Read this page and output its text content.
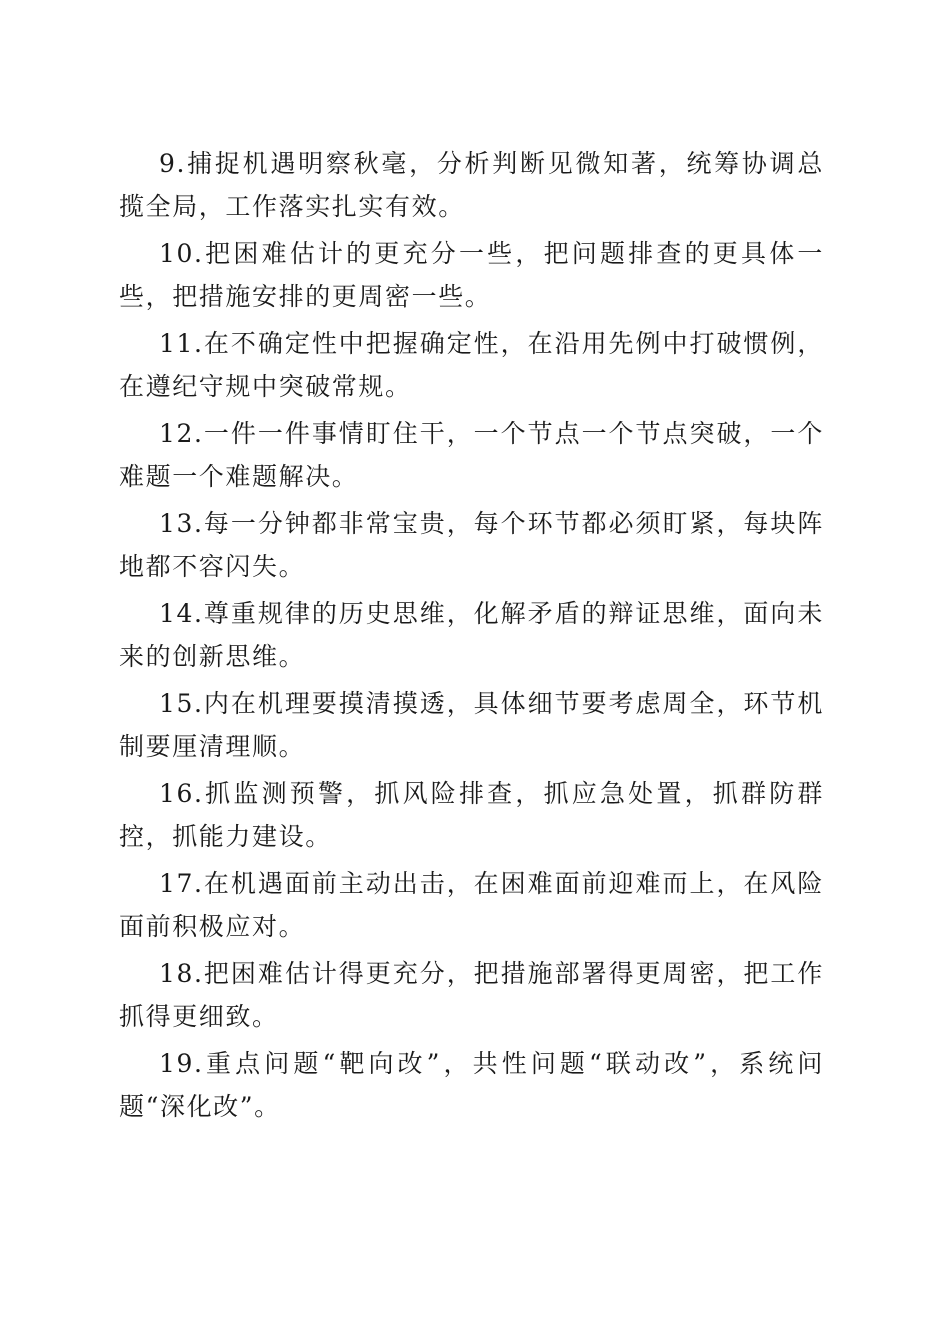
9.捕捉机遇明察秋毫，分析判断见微知著，统筹协调总揽全局，工作落实扎实有效。

10.把困难估计的更充分一些，把问题排查的更具体一些，把措施安排的更周密一些。

11.在不确定性中把握确定性，在沿用先例中打破惯例，在遵纪守规中突破常规。

12.一件一件事情盯住干，一个节点一个节点突破，一个难题一个难题解决。

13.每一分钟都非常宝贵，每个环节都必须盯紧，每块阵地都不容闪失。

14.尊重规律的历史思维，化解矛盾的辩证思维，面向未来的创新思维。

15.内在机理要摸清摸透，具体细节要考虑周全，环节机制要厘清理顺。

16.抓监测预警，抓风险排查，抓应急处置，抓群防群控，抓能力建设。

17.在机遇面前主动出击，在困难面前迎难而上，在风险面前积极应对。

18.把困难估计得更充分，把措施部署得更周密，把工作抓得更细致。

19.重点问题“靶向改”，共性问题“联动改”，系统问题“深化改”。
